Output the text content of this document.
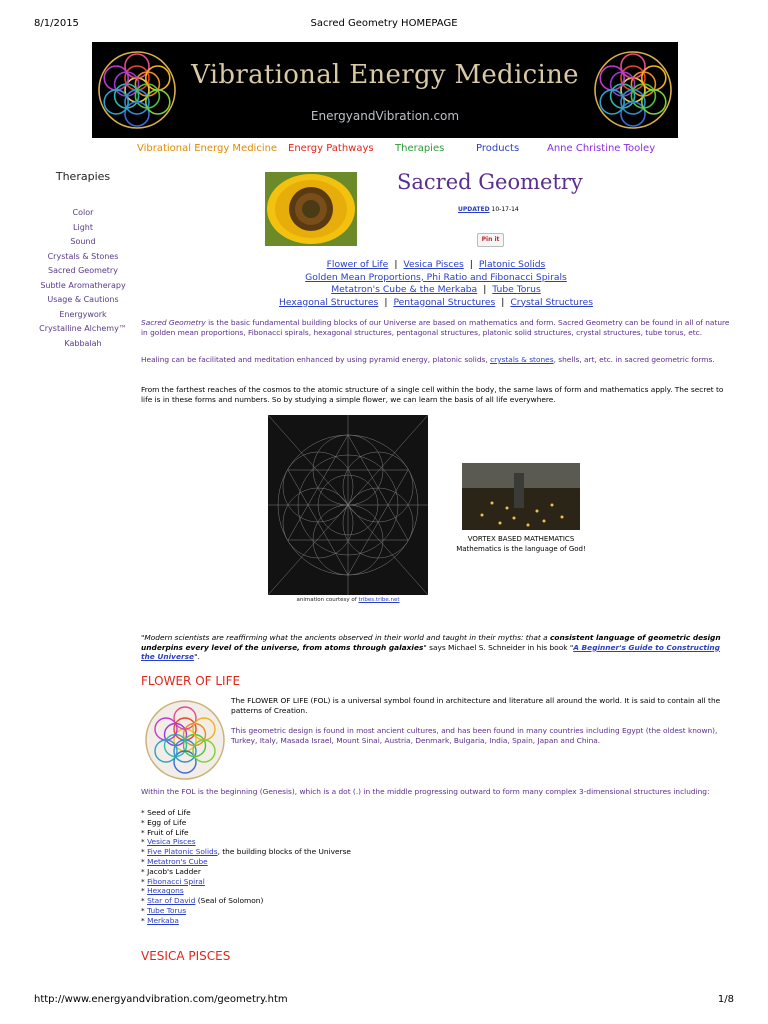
8/1/2015	Sacred Geometry HOMEPAGE
Vibrational Energy Medicine
EnergyandVibration.com
Vibrational Energy Medicine Energy Pathways Therapies	Products	Anne Christine Tooley
Therapies
Color
Light
Sound
Crystals & Stones
Sacred Geometry
Subtle Aromatherapy
Usage & Cautions
Energywork
Crystalline Alchemy™
Kabbalah
Sacred Geometry
UPDATED 10-17-14
Pin it
Flower of Life | Vesica Pisces | Platonic Solids
Golden Mean Proportions, Phi Ratio and Fibonacci Spirals
Metatron's Cube & the Merkaba | Tube Torus
Hexagonal Structures | Pentagonal Structures | Crystal Structures
Sacred Geometry is the basic fundamental building blocks of our Universe are based on mathematics and form. Sacred Geometry can be found in all of nature in golden mean proportions, Fibonacci spirals, hexagonal structures, pentagonal structures, platonic solid structures, crystal structures, tube torus, etc.
Healing can be facilitated and meditation enhanced by using pyramid energy, platonic solids, crystals & stones, shells, art, etc. in sacred geometric forms.
From the farthest reaches of the cosmos to the atomic structure of a single cell within the body, the same laws of form and mathematics apply. The secret to life is in these forms and numbers. So by studying a simple flower, we can learn the basis of all life everywhere.
animation courtesy of tribes.tribe.net
VORTEX BASED MATHEMATICS
Mathematics is the language of God!
"Modern scientists are reaffirming what the ancients observed in their world and taught in their myths: that a consistent language of geometric design underpins every level of the universe, from atoms through galaxies" says Michael S. Schneider in his book "A Beginner's Guide to Constructing the Universe".
FLOWER OF LIFE
The FLOWER OF LIFE (FOL) is a universal symbol found in architecture and literature all around the world. It is said to contain all the patterns of Creation.
This geometric design is found in most ancient cultures, and has been found in many countries including Egypt (the oldest known), Turkey, Italy, Masada Israel, Mount Sinai, Austria, Denmark, Bulgaria, India, Spain, Japan and China.
Within the FOL is the beginning (Genesis), which is a dot (.) in the middle progressing outward to form many complex 3-dimensional structures including:
* Seed of Life
* Egg of Life
* Fruit of Life
* Vesica Pisces
* Five Platonic Solids, the building blocks of the Universe
* Metatron's Cube
* Jacob's Ladder
* Fibonacci Spiral
* Hexagons
* Star of David (Seal of Solomon)
* Tube Torus
* Merkaba
VESICA PISCES
http://www.energyandvibration.com/geometry.htm	1/8
